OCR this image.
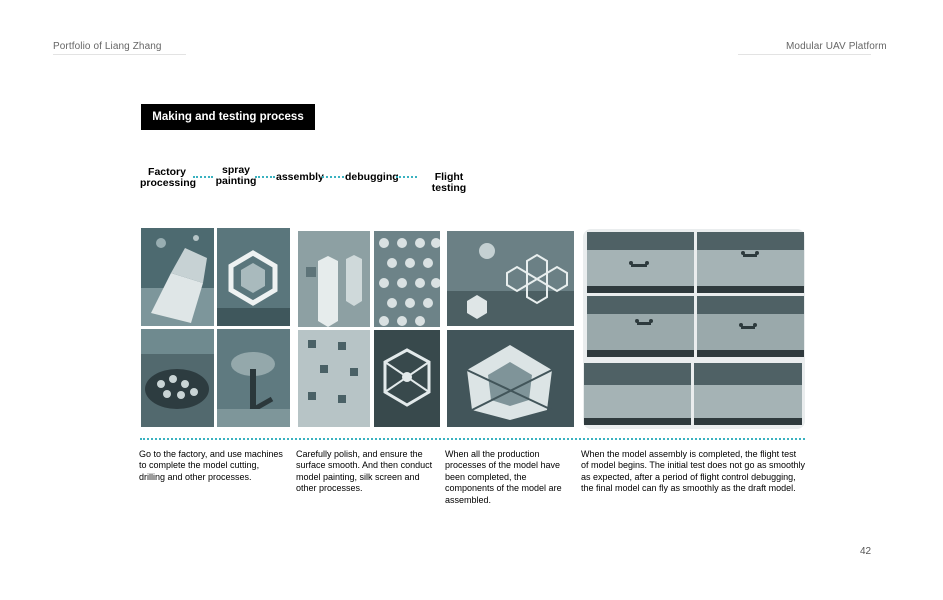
Portfolio of Liang Zhang	Modular UAV Platform
Making and testing process
Factory
processing
spray
painting assembly debugging	Flight testing
Go to the factory, and use machines to complete the model cutting, drilling and other processes.
Carefully polish, and ensure the surface smooth. And then conduct model painting, silk screen and other processes.
When all the production processes of the model have been completed, the components of the model are assembled.
When the model assembly is completed, the flight test of model begins. The initial test does not go as smoothly as expected, after a period of flight control debugging, the final model can fly as smoothly as the draft model.
42
